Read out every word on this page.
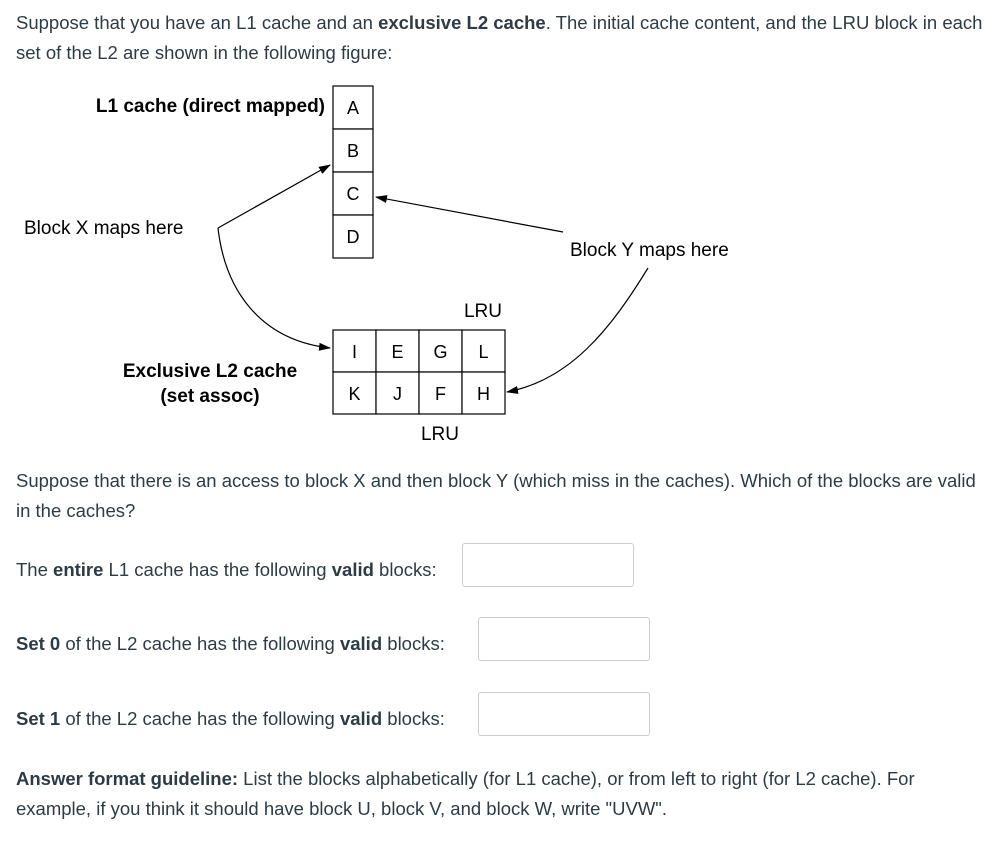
Suppose that you have an L1 cache and an exclusive L2 cache. The initial cache content, and the LRU block in each set of the L2 are shown in the following figure:

L1 cache (direct mapped) A
B
C
D
Block X maps here
Block Y maps here
Exclusive L2 cache
(set assoc)
I E G L
K J F H
LRU
LRU

Suppose that there is an access to block X and then block Y (which miss in the caches). Which of the blocks are valid in the caches?

The entire L1 cache has the following valid blocks:
Set 0 of the L2 cache has the following valid blocks:
Set 1 of the L2 cache has the following valid blocks:

Answer format guideline: List the blocks alphabetically (for L1 cache), or from left to right (for L2 cache). For example, if you think it should have block U, block V, and block W, write "UVW".
